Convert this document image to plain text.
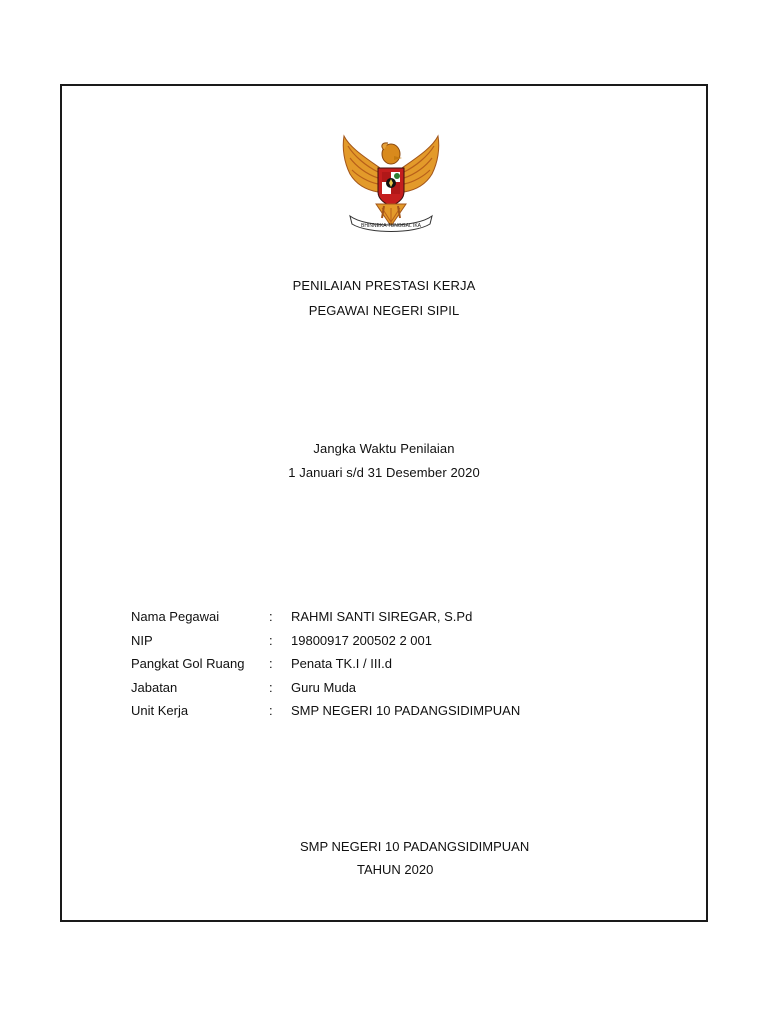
BHINNEKA TUNGGAL IKA
PENILAIAN PRESTASI KERJA
PEGAWAI NEGERI SIPIL
Jangka Waktu Penilaian
1 Januari s/d 31 Desember 2020
Nama Pegawai	:	RAHMI SANTI SIREGAR, S.Pd
NIP	:	19800917 200502 2 001
Pangkat Gol Ruang	:	Penata TK.I / III.d
Jabatan	:	Guru Muda
Unit Kerja	:	SMP NEGERI 10 PADANGSIDIMPUAN
SMP NEGERI 10 PADANGSIDIMPUAN
TAHUN 2020
